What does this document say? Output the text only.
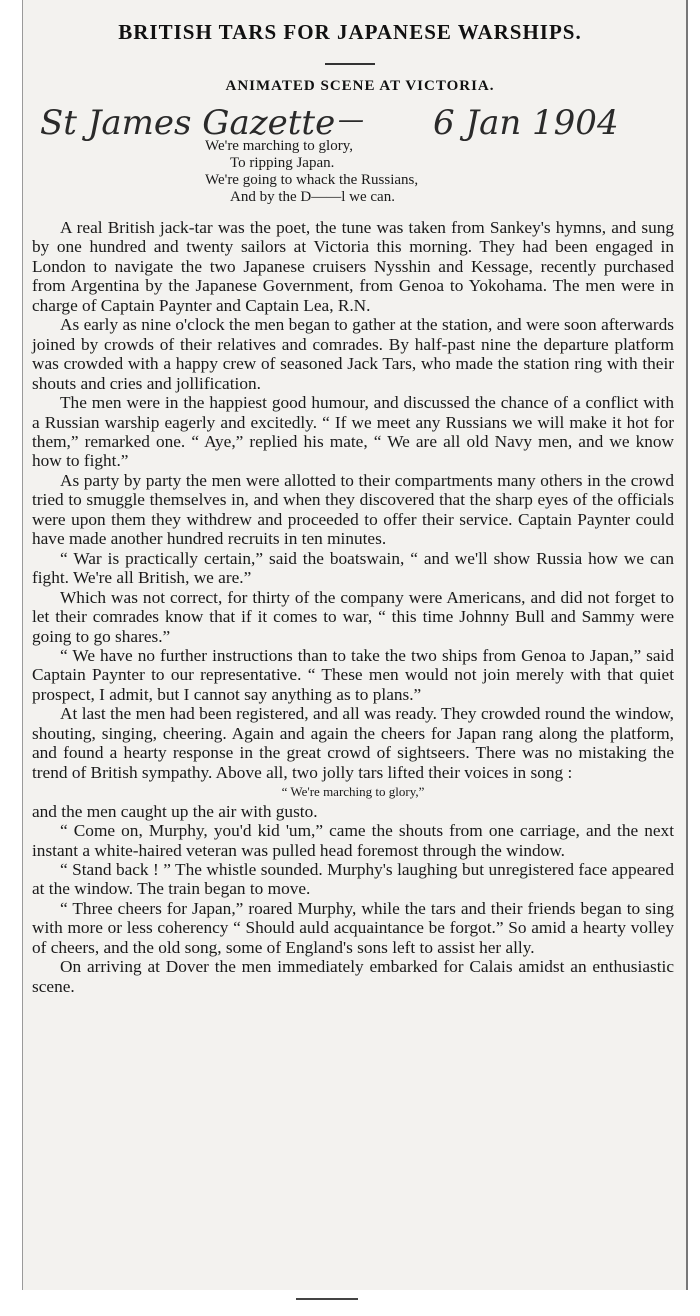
BRITISH TARS FOR JAPANESE WARSHIPS.
ANIMATED SCENE AT VICTORIA.
St James Gazette — 6 Jan 1904
We're marching to glory,
To ripping Japan.
We're going to whack the Russians,
And by the D——l we can.

A real British jack-tar was the poet, the tune was taken from Sankey's hymns, and sung by one hundred and twenty sailors at Victoria this morning. They had been engaged in London to navigate the two Japanese cruisers Nysshin and Kessage, recently purchased from Argentina by the Japanese Government, from Genoa to Yokohama. The men were in charge of Captain Paynter and Captain Lea, R.N.

As early as nine o'clock the men began to gather at the station, and were soon afterwards joined by crowds of their relatives and comrades. By half-past nine the departure platform was crowded with a happy crew of seasoned Jack Tars, who made the station ring with their shouts and cries and jollification.

The men were in the happiest good humour, and discussed the chance of a conflict with a Russian warship eagerly and excitedly. “ If we meet any Russians we will make it hot for them,” remarked one. “ Aye,” replied his mate, “ We are all old Navy men, and we know how to fight.”

As party by party the men were allotted to their compartments many others in the crowd tried to smuggle themselves in, and when they discovered that the sharp eyes of the officials were upon them they withdrew and proceeded to offer their service. Captain Paynter could have made another hundred recruits in ten minutes.

“ War is practically certain,” said the boatswain, “ and we'll show Russia how we can fight. We're all British, we are.”

Which was not correct, for thirty of the company were Americans, and did not forget to let their comrades know that if it comes to war, “ this time Johnny Bull and Sammy were going to go shares.”

“ We have no further instructions than to take the two ships from Genoa to Japan,” said Captain Paynter to our representative. “ These men would not join merely with that quiet prospect, I admit, but I cannot say anything as to plans.”

At last the men had been registered, and all was ready. They crowded round the window, shouting, singing, cheering. Again and again the cheers for Japan rang along the platform, and found a hearty response in the great crowd of sightseers. There was no mistaking the trend of British sympathy. Above all, two jolly tars lifted their voices in song :

“ We're marching to glory,”

and the men caught up the air with gusto.

“ Come on, Murphy, you'd kid 'um,” came the shouts from one carriage, and the next instant a white-haired veteran was pulled head foremost through the window.

“ Stand back ! ” The whistle sounded. Murphy's laughing but unregistered face appeared at the window. The train began to move.

“ Three cheers for Japan,” roared Murphy, while the tars and their friends began to sing with more or less coherency “ Should auld acquaintance be forgot.” So amid a hearty volley of cheers, and the old song, some of England's sons left to assist her ally.

On arriving at Dover the men immediately embarked for Calais amidst an enthusiastic scene.
